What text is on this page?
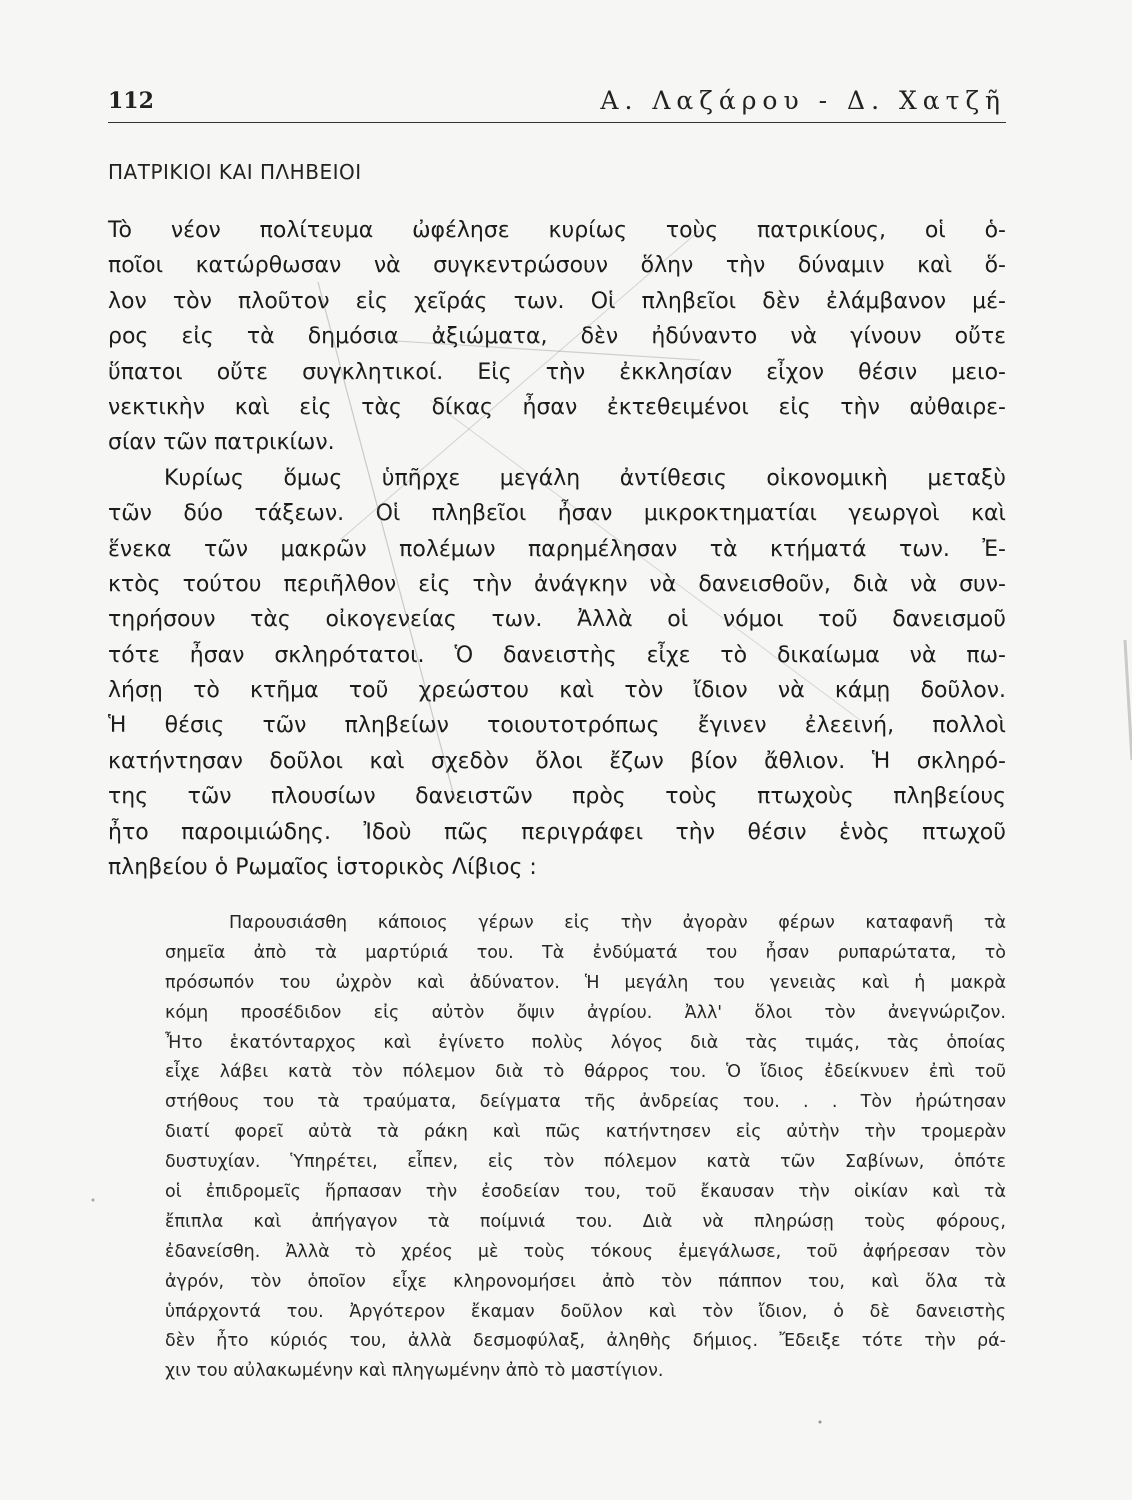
112	Α. Λαζάρου - Δ. Χατζῆ
ΠΑΤΡΙΚΙΟΙ ΚΑΙ ΠΛΗΒΕΙΟΙ
Tò νέον πολίτευμα ὠφέλησε κυρίως τοὺς πατρικίους, οἱ ὁ-
ποῖοι κατώρθωσαν νὰ συγκεντρώσουν ὅλην τὴν δύναμιν καὶ ὅ-
λον τὸν πλοῦτον εἰς χεῖράς των. Οἱ πληβεῖοι δὲν ἐλάμβανον μέ-
ρος εἰς τὰ δημόσια ἀξιώματα, δὲν ἠδύναντο νὰ γίνουν οὔτε
ὕπατοι οὔτε συγκλητικοί. Εἰς τὴν ἐκκλησίαν εἶχον θέσιν μειο-
νεκτικὴν καὶ εἰς τὰς δίκας ἦσαν ἐκτεθειμένοι εἰς τὴν αὐθαιρε-
σίαν τῶν πατρικίων.
Κυρίως ὅμως ὑπῆρχε μεγάλη ἀντίθεσις οἰκονομικὴ μεταξὺ
τῶν δύο τάξεων. Οἱ πληβεῖοι ἦσαν μικροκτηματίαι γεωργοὶ καὶ
ἕνεκα τῶν μακρῶν πολέμων παρημέλησαν τὰ κτήματά των. Ἐ-
κτὸς τούτου περιῆλθον εἰς τὴν ἀνάγκην νὰ δανεισθοῦν, διὰ νὰ συν-
τηρήσουν τὰς οἰκογενείας των. Ἀλλὰ οἱ νόμοι τοῦ δανεισμοῦ
τότε ἦσαν σκληρότατοι. Ὁ δανειστὴς εἶχε τὸ δικαίωμα νὰ πω-
λήσῃ τὸ κτῆμα τοῦ χρεώστου καὶ τὸν ἴδιον νὰ κάμῃ δοῦλον.
Ἡ θέσις τῶν πληβείων τοιουτοτρόπως ἔγινεν ἐλεεινή, πολλοὶ
κατήντησαν δοῦλοι καὶ σχεδὸν ὅλοι ἔζων βίον ἄθλιον. Ἡ σκληρό-
της τῶν πλουσίων δανειστῶν πρὸς τοὺς πτωχοὺς πληβείους
ἦτο παροιμιώδης. Ἰδοὺ πῶς περιγράφει τὴν θέσιν ἑνὸς πτωχοῦ
πληβείου ὁ Ρωμαῖος ἱστορικὸς Λίβιος :
Παρουσιάσθη κάποιος γέρων εἰς τὴν ἀγορὰν φέρων καταφανῆ τὰ
σημεῖα ἀπὸ τὰ μαρτύριά του. Τὰ ἐνδύματά του ἦσαν ρυπαρώτατα, τὸ
πρόσωπόν του ὠχρὸν καὶ ἀδύνατον. Ἡ μεγάλη του γενειὰς καὶ ἡ μακρὰ
κόμη προσέδιδον εἰς αὐτὸν ὄψιν ἀγρίου. Ἀλλ' ὅλοι τὸν ἀνεγνώριζον.
Ἦτο ἑκατόνταρχος καὶ ἐγίνετο πολὺς λόγος διὰ τὰς τιμάς, τὰς ὁποίας
εἶχε λάβει κατὰ τὸν πόλεμον διὰ τὸ θάρρος του. Ὁ ἴδιος ἐδείκνυεν ἐπὶ τοῦ
στήθους του τὰ τραύματα, δείγματα τῆς ἀνδρείας του. . . Τὸν ἠρώτησαν
διατί φορεῖ αὐτὰ τὰ ράκη καὶ πῶς κατήντησεν εἰς αὐτὴν τὴν τρομερὰν
δυστυχίαν. Ὑπηρέτει, εἶπεν, εἰς τὸν πόλεμον κατὰ τῶν Σαβίνων, ὁπότε
οἱ ἐπιδρομεῖς ἥρπασαν τὴν ἐσοδείαν του, τοῦ ἔκαυσαν τὴν οἰκίαν καὶ τὰ
ἔπιπλα καὶ ἀπήγαγον τὰ ποίμνιά του. Διὰ νὰ πληρώσῃ τοὺς φόρους,
ἐδανείσθη. Ἀλλὰ τὸ χρέος μὲ τοὺς τόκους ἐμεγάλωσε, τοῦ ἀφήρεσαν τὸν
ἀγρόν, τὸν ὁποῖον εἶχε κληρονομήσει ἀπὸ τὸν πάππον του, καὶ ὅλα τὰ
ὑπάρχοντά του. Ἀργότερον ἔκαμαν δοῦλον καὶ τὸν ἴδιον, ὁ δὲ δανειστὴς
δὲν ἦτο κύριός του, ἀλλὰ δεσμοφύλαξ, ἀληθὴς δήμιος. Ἔδειξε τότε τὴν ρά-
χιν του αὐλακωμένην καὶ πληγωμένην ἀπὸ τὸ μαστίγιον.
